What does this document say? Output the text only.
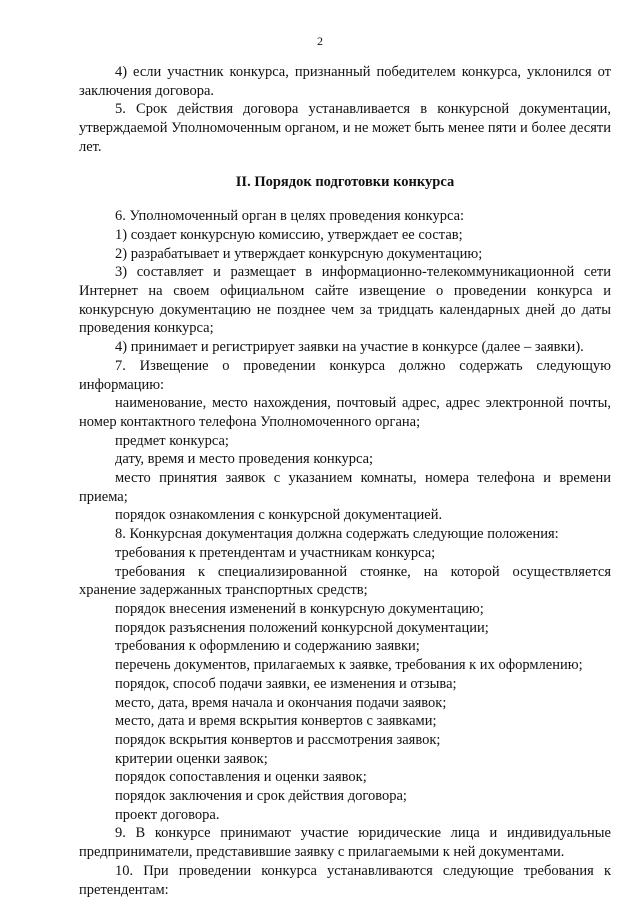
2

4) если участник конкурса, признанный победителем конкурса, уклонился от заключения договора.

5. Срок действия договора устанавливается в конкурсной документации, утверждаемой Уполномоченным органом, и не может быть менее пяти и более десяти лет.

II. Порядок подготовки конкурса

6. Уполномоченный орган в целях проведения конкурса:

1) создает конкурсную комиссию, утверждает ее состав;

2) разрабатывает и утверждает конкурсную документацию;

3) составляет и размещает в информационно-телекоммуникационной сети Интернет на своем официальном сайте извещение о проведении конкурса и конкурсную документацию не позднее чем за тридцать календарных дней до даты проведения конкурса;

4) принимает и регистрирует заявки на участие в конкурсе (далее – заявки).

7. Извещение о проведении конкурса должно содержать следующую информацию:

наименование, место нахождения, почтовый адрес, адрес электронной почты, номер контактного телефона Уполномоченного органа;

предмет конкурса;

дату, время и место проведения конкурса;

место принятия заявок с указанием комнаты, номера телефона и времени приема;

порядок ознакомления с конкурсной документацией.

8. Конкурсная документация должна содержать следующие положения:

требования к претендентам и участникам конкурса;

требования к специализированной стоянке, на которой осуществляется хранение задержанных транспортных средств;

порядок внесения изменений в конкурсную документацию;

порядок разъяснения положений конкурсной документации;

требования к оформлению и содержанию заявки;

перечень документов, прилагаемых к заявке, требования к их оформлению;

порядок, способ подачи заявки, ее изменения и отзыва;

место, дата, время начала и окончания подачи заявок;

место, дата и время вскрытия конвертов с заявками;

порядок вскрытия конвертов и рассмотрения заявок;

критерии оценки заявок;

порядок сопоставления и оценки заявок;

порядок заключения и срок действия договора;

проект договора.

9. В конкурсе принимают участие юридические лица и индивидуальные предприниматели, представившие заявку с прилагаемыми к ней документами.

10. При проведении конкурса устанавливаются следующие требования к претендентам:
